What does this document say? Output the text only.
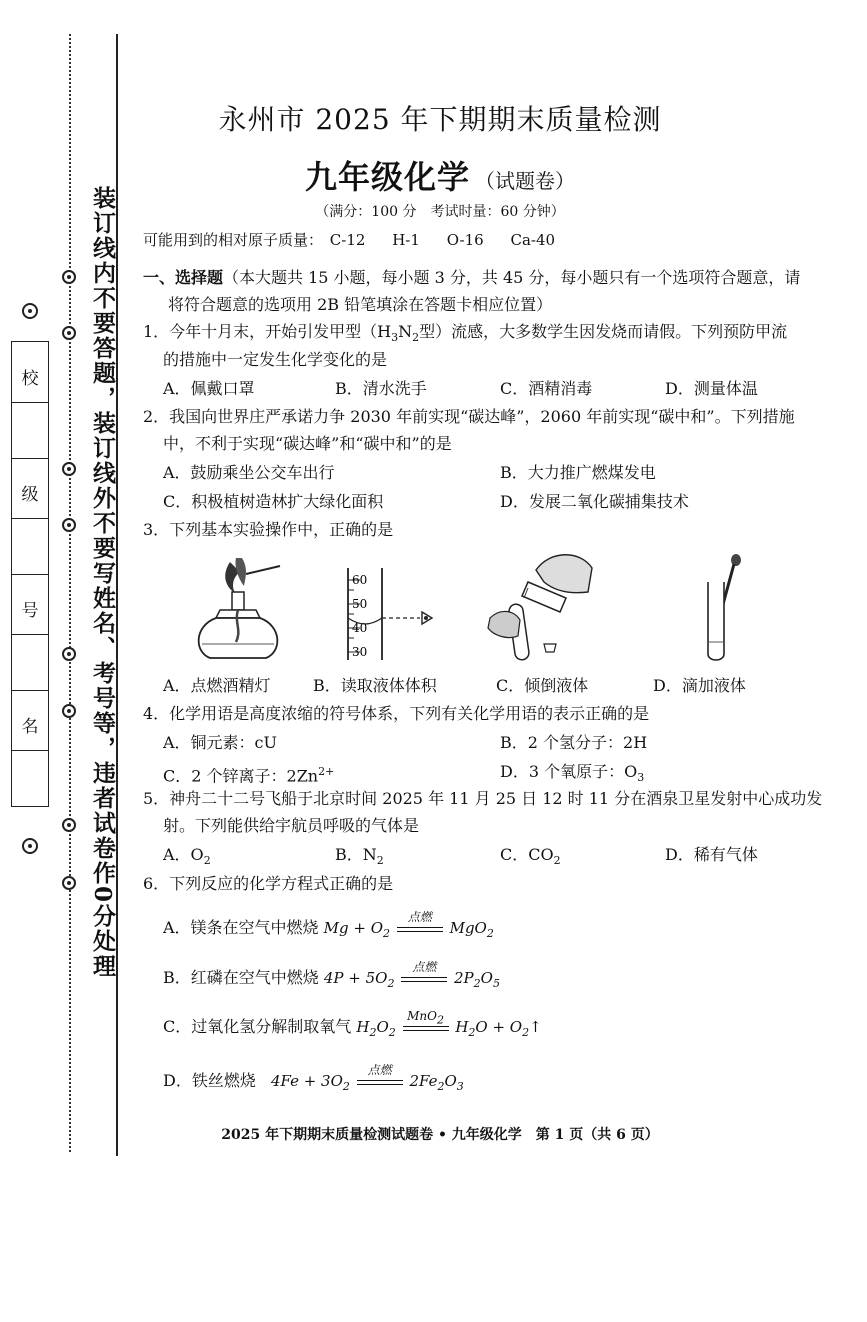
装订线内不要答题，装订线外不要写姓名、考号等，违者试卷作0分处理
校
级
号
名
永州市 2025 年下期期末质量检测
九年级化学 （试题卷）
（满分：100 分　考试时量：60 分钟）
可能用到的相对原子质量： C-12 H-1 O-16 Ca-40
一、选择题（本大题共 15 小题，每小题 3 分，共 45 分，每小题只有一个选项符合题意，请
将符合题意的选项用 2B 铅笔填涂在答题卡相应位置）
1．今年十月末，开始引发甲型（$H_3N_2$型）流感，大多数学生因发烧而请假。下列预防甲流
的措施中一定发生化学变化的是
A．佩戴口罩	B．清水洗手	C．酒精消毒	D．测量体温
2．我国向世界庄严承诺力争 2030 年前实现“碳达峰”，2060 年前实现“碳中和”。下列措施
中，不利于实现“碳达峰”和“碳中和”的是
A．鼓励乘坐公交车出行	B．大力推广燃煤发电
C．积极植树造林扩大绿化面积	D．发展二氧化碳捕集技术
3．下列基本实验操作中，正确的是
60
50
40
30
A．点燃酒精灯	B．读取液体体积	C．倾倒液体	D．滴加液体
4．化学用语是高度浓缩的符号体系，下列有关化学用语的表示正确的是
A．铜元素：cU	B．2 个氢分子：2H
C．2 个锌离子：$2Zn^{2+}$	D．3 个氧原子：$O_3$
5．神舟二十二号飞船于北京时间 2025 年 11 月 25 日 12 时 11 分在酒泉卫星发射中心成功发
射。下列能供给宇航员呼吸的气体是
A．$O_2$	B．$N_2$	C．$CO_2$	D．稀有气体
6．下列反应的化学方程式正确的是
A．镁条在空气中燃烧 $Mg + O_2$
点燃
MgO$_2$
B．红磷在空气中燃烧 $4P + 5O_2$
点燃
$2P_2O_5$
C．过氧化氢分解制取氧气 $H_2O_2$
MnO$_2$ $H_2O$ + $O_2↑$
D．铁丝燃烧 $4Fe + 3O_2$
点燃
$2Fe_2O_3$
2025 年下期期末质量检测试题卷 • 九年级化学　第 1 页（共 6 页）
